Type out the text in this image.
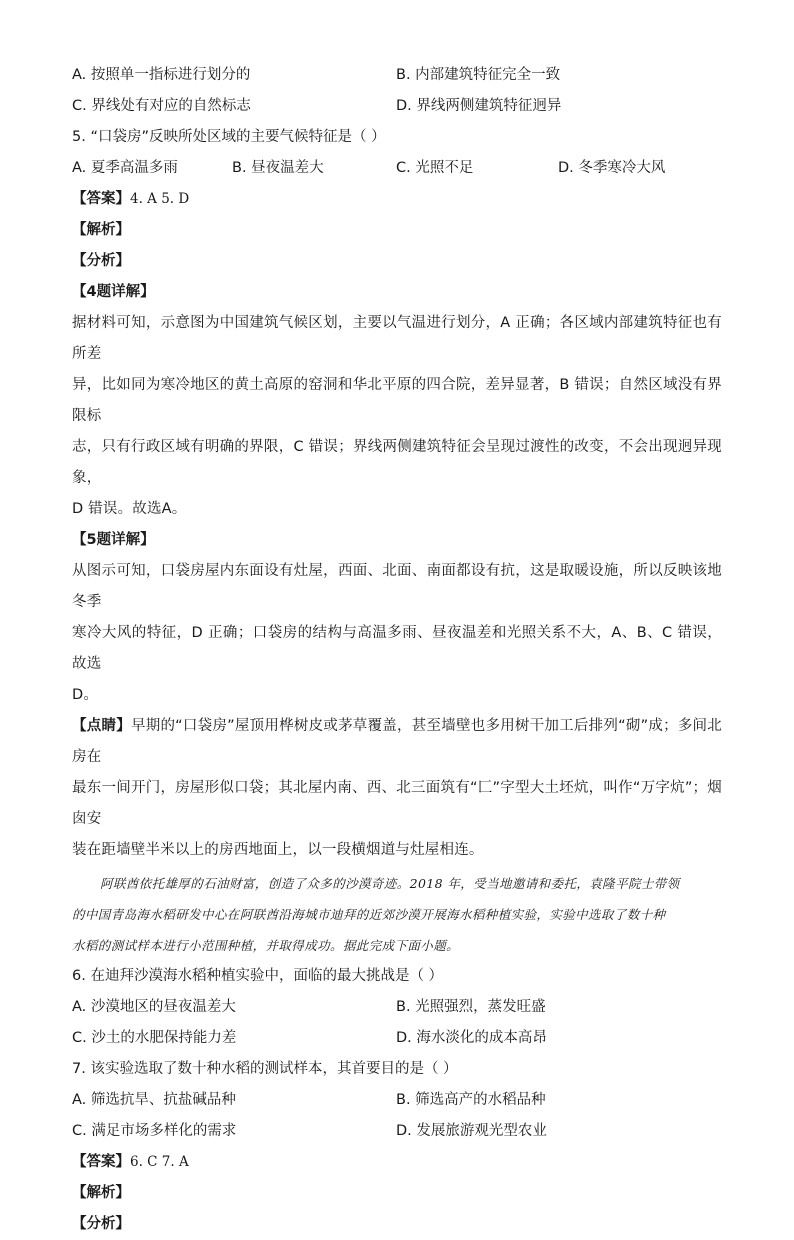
A. 按照单一指标进行划分的	B. 内部建筑特征完全一致
C. 界线处有对应的自然标志	D. 界线两侧建筑特征迥异
5. “口袋房”反映所处区域的主要气候特征是（ ）
A. 夏季高温多雨	B. 昼夜温差大	C. 光照不足	D. 冬季寒冷大风
【答案】4. A 5. D
【解析】
【分析】
【4题详解】
据材料可知，示意图为中国建筑气候区划，主要以气温进行划分，A 正确；各区域内部建筑特征也有所差
异，比如同为寒冷地区的黄土高原的窑洞和华北平原的四合院，差异显著，B 错误；自然区域没有界限标
志，只有行政区域有明确的界限，C 错误；界线两侧建筑特征会呈现过渡性的改变，不会出现迥异现象，
D 错误。故选A。
【5题详解】
从图示可知，口袋房屋内东面设有灶屋，西面、北面、南面都设有抗，这是取暖设施，所以反映该地冬季
寒冷大风的特征，D 正确；口袋房的结构与高温多雨、昼夜温差和光照关系不大，A、B、C 错误，故选
D。
【点睛】早期的“口袋房”屋顶用桦树皮或茅草覆盖，甚至墙壁也多用树干加工后排列“砌”成；多间北房在
最东一间开门，房屋形似口袋；其北屋内南、西、北三面筑有“匚”字型大土坯炕，叫作“万字炕”；烟囱安
装在距墙壁半米以上的房西地面上，以一段横烟道与灶屋相连。
阿联酋依托雄厚的石油财富，创造了众多的沙漠奇迹。2018 年，受当地邀请和委托，袁隆平院士带领
的中国青岛海水稻研发中心在阿联酋沿海城市迪拜的近郊沙漠开展海水稻种植实验，实验中选取了数十种
水稻的测试样本进行小范围种植，并取得成功。据此完成下面小题。
6. 在迪拜沙漠海水稻种植实验中，面临的最大挑战是（ ）
A. 沙漠地区的昼夜温差大	B. 光照强烈，蒸发旺盛
C. 沙土的水肥保持能力差	D. 海水淡化的成本高昂
7. 该实验选取了数十种水稻的测试样本，其首要目的是（ ）
A. 筛选抗旱、抗盐碱品种	B. 筛选高产的水稻品种
C. 满足市场多样化的需求	D. 发展旅游观光型农业
【答案】6. C 7. A
【解析】
【分析】
